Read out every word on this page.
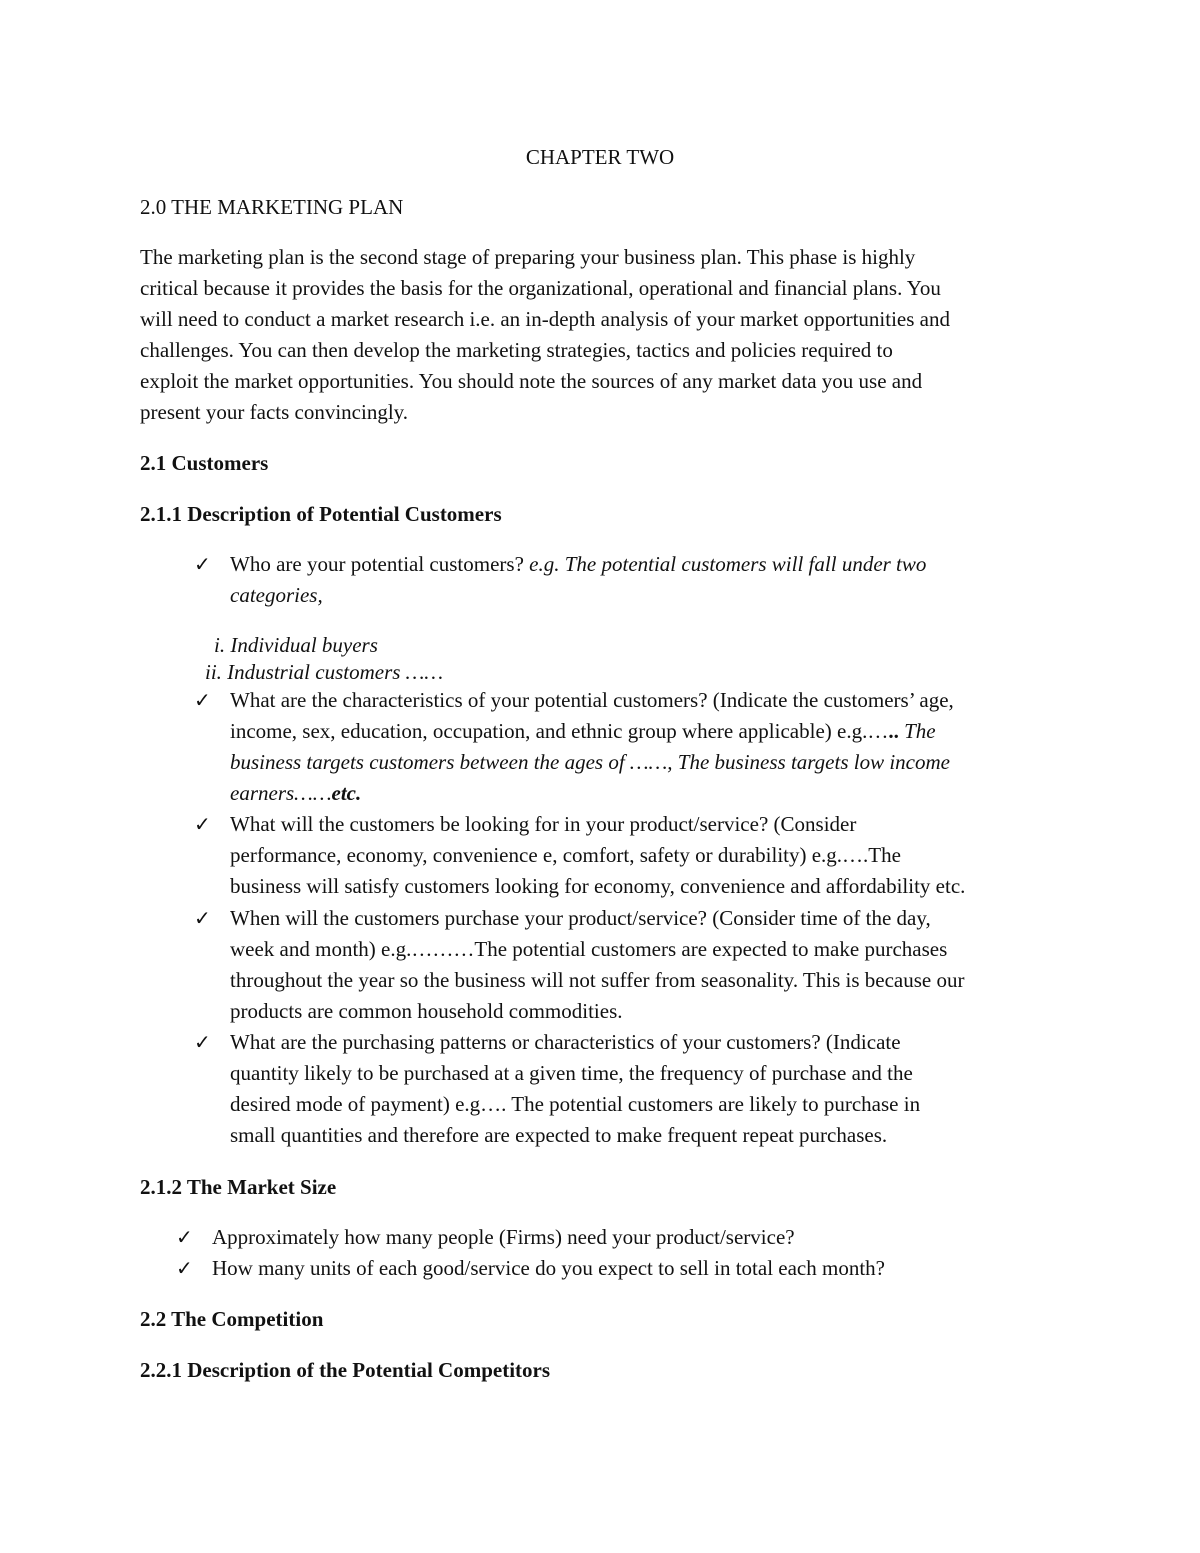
CHAPTER TWO
2.0 THE MARKETING PLAN
The marketing plan is the second stage of preparing your business plan. This phase is highly
critical because it provides the basis for the organizational, operational and financial plans. You
will need to conduct a market research i.e. an in-depth analysis of your market opportunities and
challenges. You can then develop the marketing strategies, tactics and policies required to
exploit the market opportunities. You should note the sources of any market data you use and
present your facts convincingly.
2.1 Customers
2.1.1 Description of Potential Customers
✓ Who are your potential customers? e.g. The potential customers will fall under two
categories,
i. Individual buyers
ii. Industrial customers ……
✓ What are the characteristics of your potential customers? (Indicate the customers’ age,
income, sex, education, occupation, and ethnic group where applicable) e.g.….. The
business targets customers between the ages of ……, The business targets low income
earners……etc.
✓ What will the customers be looking for in your product/service? (Consider
performance, economy, convenience e, comfort, safety or durability) e.g.….The
business will satisfy customers looking for economy, convenience and affordability etc.
✓ When will the customers purchase your product/service? (Consider time of the day,
week and month) e.g.………The potential customers are expected to make purchases
throughout the year so the business will not suffer from seasonality. This is because our
products are common household commodities.
✓ What are the purchasing patterns or characteristics of your customers? (Indicate
quantity likely to be purchased at a given time, the frequency of purchase and the
desired mode of payment) e.g…. The potential customers are likely to purchase in
small quantities and therefore are expected to make frequent repeat purchases.
2.1.2 The Market Size
✓ Approximately how many people (Firms) need your product/service?
✓ How many units of each good/service do you expect to sell in total each month?
2.2 The Competition
2.2.1 Description of the Potential Competitors
